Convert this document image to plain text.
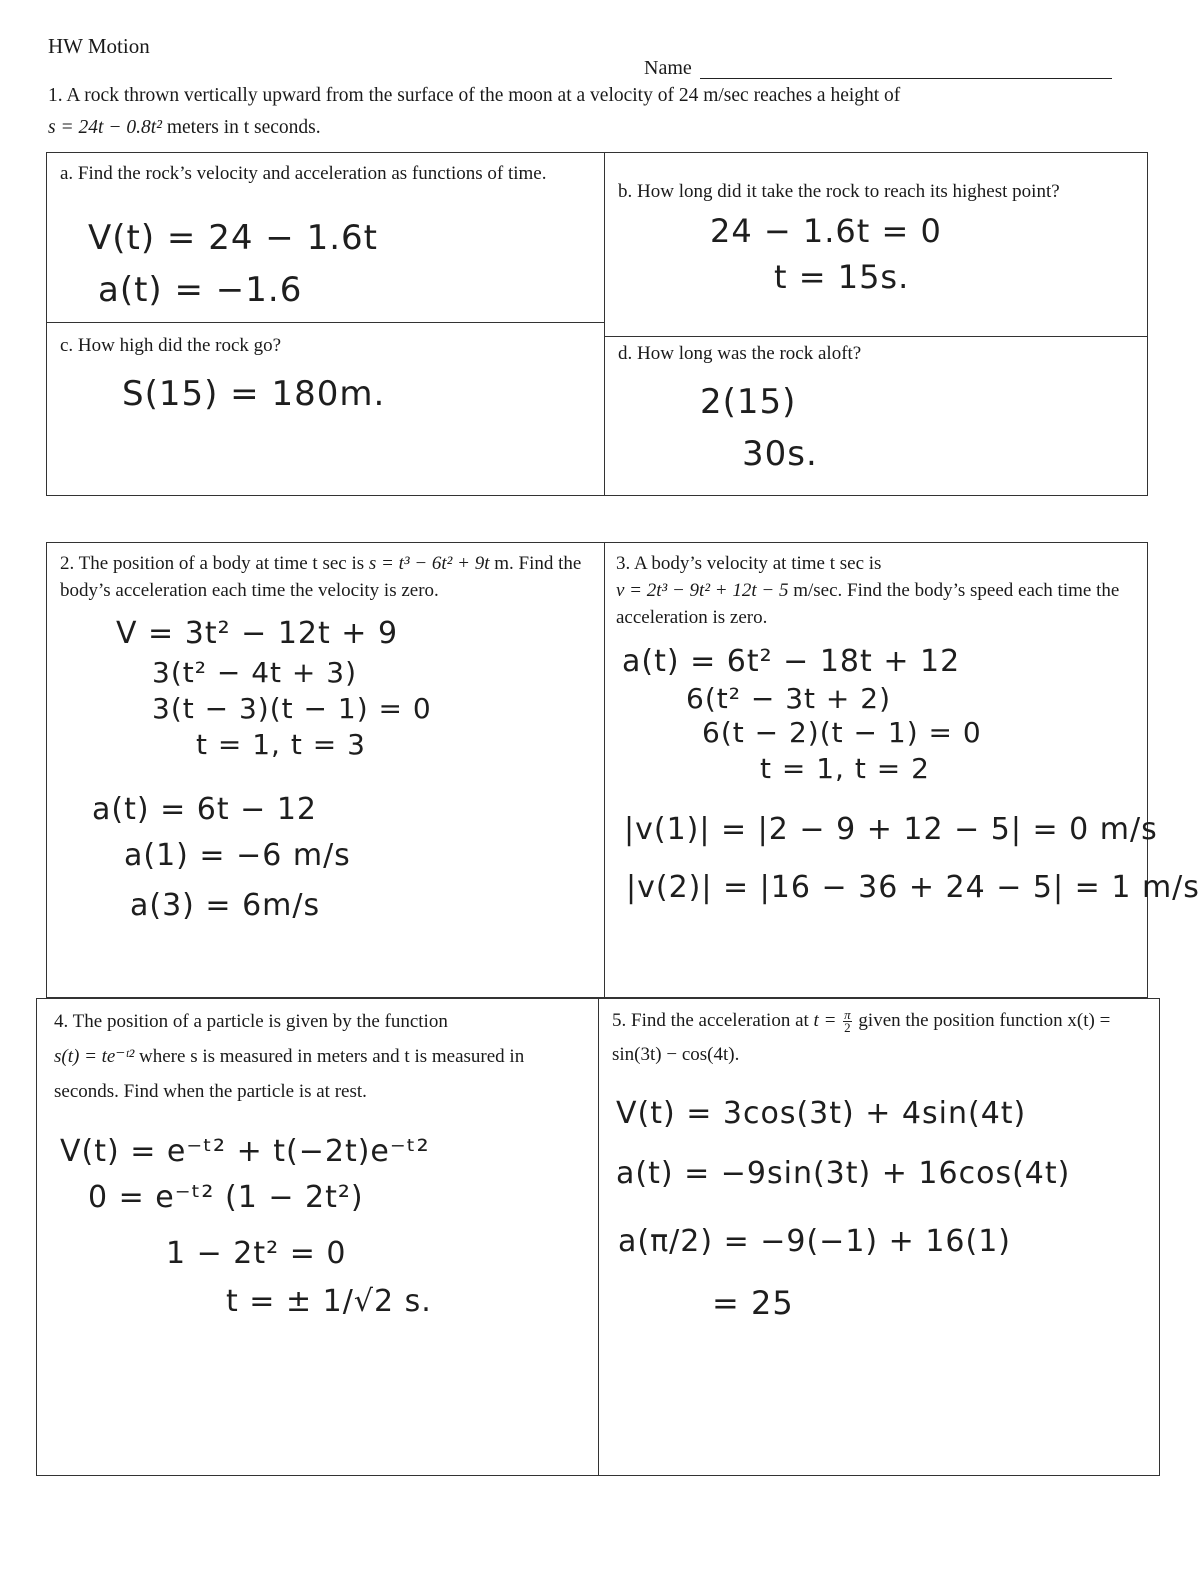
HW Motion
Name
1. A rock thrown vertically upward from the surface of the moon at a velocity of 24 m/sec reaches a height of
s = 24t − 0.8t² meters in t seconds.
a. Find the rock’s velocity and acceleration as functions of time.
V(t) = 24 − 1.6t
a(t) = −1.6
b. How long did it take the rock to reach its highest point?
24 − 1.6t = 0
t = 15s.
c. How high did the rock go?
S(15) = 180m.
d. How long was the rock aloft?
2(15)
30s.
2. The position of a body at time t sec is s = t³ − 6t² + 9t m. Find the body’s acceleration each time the velocity is zero.
V = 3t² − 12t + 9
3(t² − 4t + 3)
3(t − 3)(t − 1) = 0
t = 1, t = 3
a(t) = 6t − 12
a(1) = −6 m/s
a(3) = 6m/s
3. A body’s velocity at time t sec is
v = 2t³ − 9t² + 12t − 5 m/sec. Find the body’s speed each time the acceleration is zero.
a(t) = 6t² − 18t + 12
6(t² − 3t + 2)
6(t − 2)(t − 1) = 0
t = 1, t = 2
|v(1)| = |2 − 9 + 12 − 5| = 0 m/s
|v(2)| = |16 − 36 + 24 − 5| = 1 m/s
4. The position of a particle is given by the function
s(t) = te⁻ᵗ² where s is measured in meters and t is measured in seconds. Find when the particle is at rest.
V(t) = e⁻ᵗ² + t(−2t)e⁻ᵗ²
0 = e⁻ᵗ² (1 − 2t²)
1 − 2t² = 0
t = ± 1/√2 s.
5. Find the acceleration at $t = \frac{\pi}{2}$ given the position function x(t) = sin(3t) − cos(4t).
V(t) = 3cos(3t) + 4sin(4t)
a(t) = −9sin(3t) + 16cos(4t)
a(π/2) = −9(−1) + 16(1)
= 25
